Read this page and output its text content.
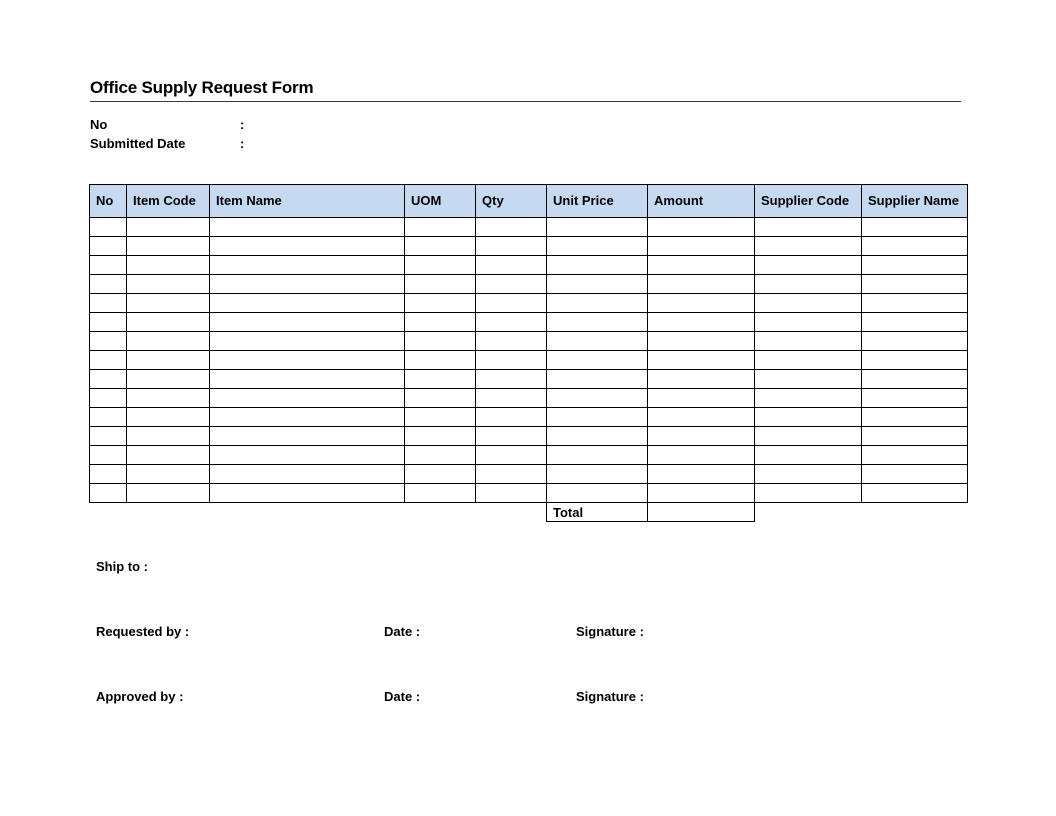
Office Supply Request Form
No	:
Submitted Date	:
No	Item Code	Item Name	UOM	Qty	Unit Price	Amount	Supplier Code	Supplier Name

					Total			
Ship to :
Requested by :	Date :	Signature :
Approved by :	Date :	Signature :
